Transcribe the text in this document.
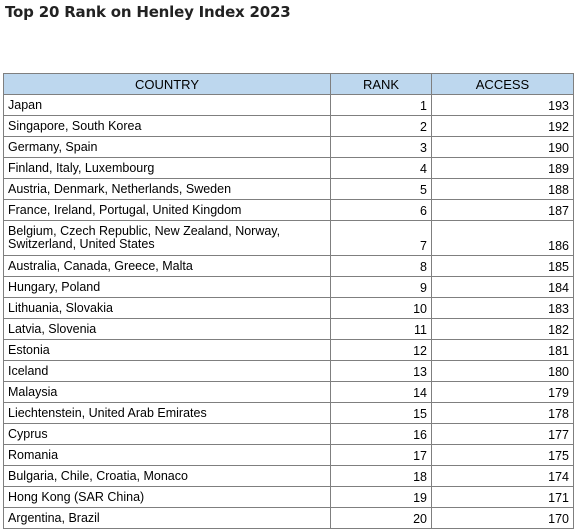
Top 20 Rank on Henley Index 2023
COUNTRY	RANK	ACCESS
Japan	1	193
Singapore, South Korea	2	192
Germany, Spain	3	190
Finland, Italy, Luxembourg	4	189
Austria, Denmark, Netherlands, Sweden	5	188
France, Ireland, Portugal, United Kingdom	6	187
Belgium, Czech Republic, New Zealand, Norway, Switzerland, United States	7	186
Australia, Canada, Greece, Malta	8	185
Hungary, Poland	9	184
Lithuania, Slovakia	10	183
Latvia, Slovenia	11	182
Estonia	12	181
Iceland	13	180
Malaysia	14	179
Liechtenstein, United Arab Emirates	15	178
Cyprus	16	177
Romania	17	175
Bulgaria, Chile, Croatia, Monaco	18	174
Hong Kong (SAR China)	19	171
Argentina, Brazil	20	170
